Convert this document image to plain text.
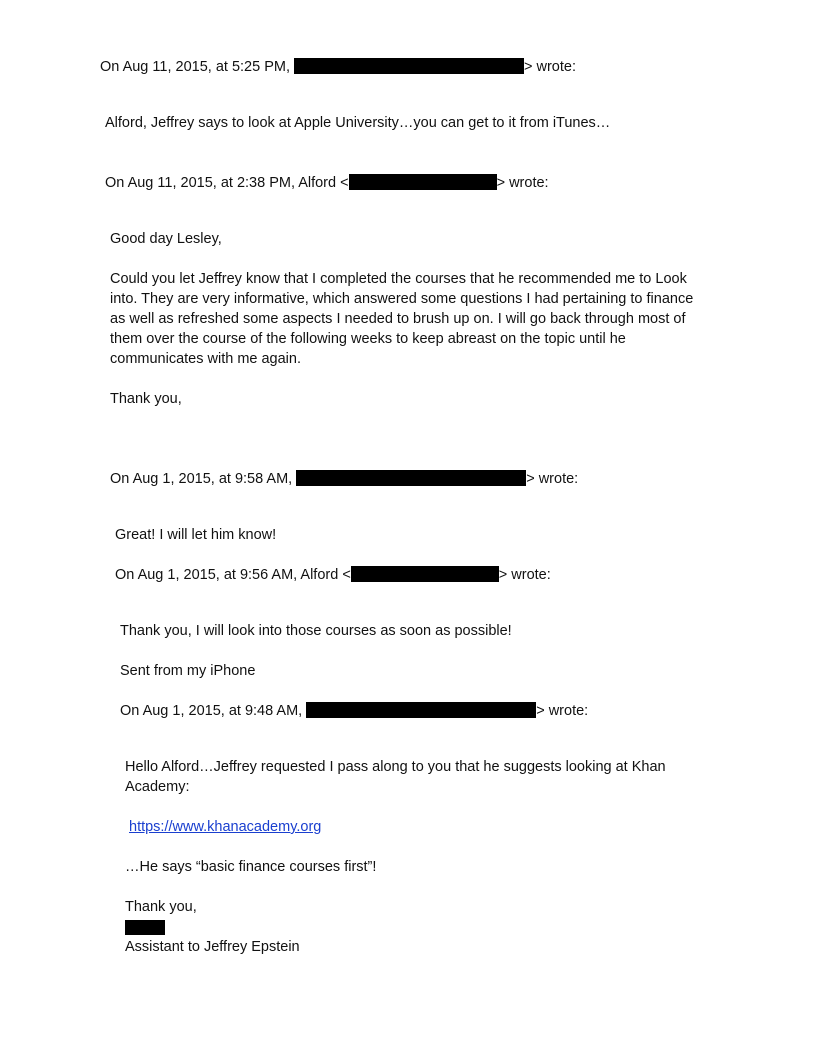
On Aug 11, 2015, at 5:25 PM,	> wrote:
Alford, Jeffrey says to look at Apple University…you can get to it from iTunes…
On Aug 11, 2015, at 2:38 PM, Alford <	> wrote:
Good day Lesley,
Could you let Jeffrey know that I completed the courses that he recommended me to Look into. They are very informative, which answered some questions I had pertaining to finance as well as refreshed some aspects I needed to brush up on. I will go back through most of them over the course of the following weeks to keep abreast on the topic until he communicates with me again.
Thank you,
On Aug 1, 2015, at 9:58 AM,	> wrote:
Great! I will let him know!
On Aug 1, 2015, at 9:56 AM, Alford <	> wrote:
Thank you, I will look into those courses as soon as possible!
Sent from my iPhone
On Aug 1, 2015, at 9:48 AM,	> wrote:
Hello Alford…Jeffrey requested I pass along to you that he suggests looking at Khan Academy:
https://www.khanacademy.org
…He says “basic finance courses first”!
Thank you,
Assistant to Jeffrey Epstein
